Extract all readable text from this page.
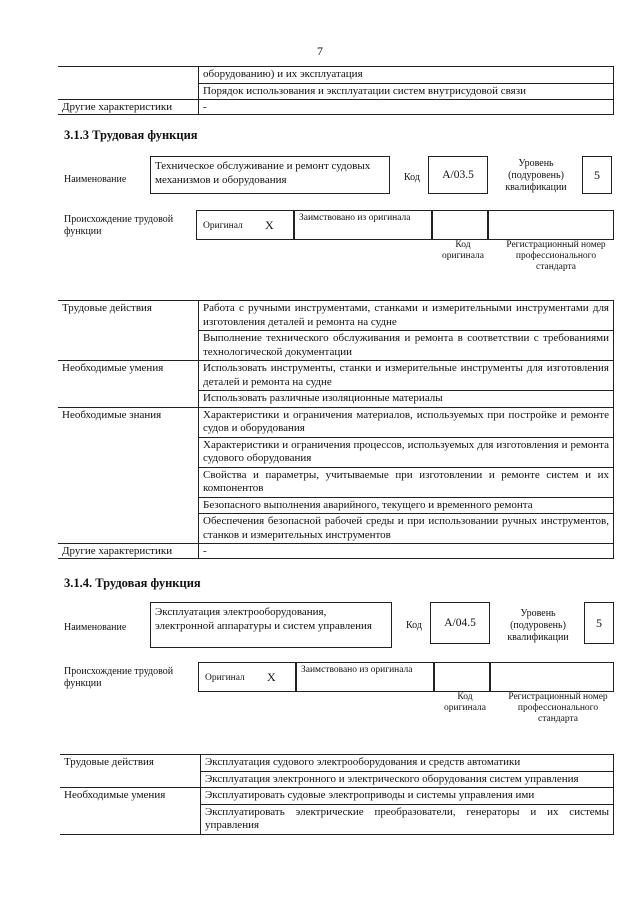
7

	оборудованию) и их эксплуатация
Порядок использования и эксплуатации систем внутрисудовой связи

Другие характеристики	-
3.1.3 Трудовая функция
Наименование
Техническое обслуживание и ремонт судовых механизмов и оборудования	Код	A/03.5
Уровень (подуровень) квалификации
5
Происхождение трудовой функции	Оригинал X	Заимствовано из оригинала
Код оригинала
Регистрационный номер профессионального стандарта
Трудовые действия	Работа с ручными инструментами, станками и измерительными инструментами для изготовления деталей и ремонта на судне
Выполнение технического обслуживания и ремонта в соответствии с требованиями технологической документации

Необходимые умения	Использовать инструменты, станки и измерительные инструменты для изготовления деталей и ремонта на судне
Использовать различные изоляционные материалы

Необходимые знания	Характеристики и ограничения материалов, используемых при постройке и ремонте судов и оборудования
Характеристики и ограничения процессов, используемых для изготовления и ремонта судового оборудования
Свойства и параметры, учитываемые при изготовлении и ремонте систем и их компонентов
Безопасного выполнения аварийного, текущего и временного ремонта
Обеспечения безопасной рабочей среды и при использовании ручных инструментов, станков и измерительных инструментов

Другие характеристики	-
3.1.4. Трудовая функция
Наименование
Эксплуатация электрооборудования, электронной аппаратуры и систем управления	Код	A/04.5
Уровень (подуровень) квалификации
5
Происхождение трудовой функции	Оригинал X	Заимствовано из оригинала
Код оригинала
Регистрационный номер профессионального стандарта
Трудовые действия	Эксплуатация судового электрооборудования и средств автоматики
Эксплуатация электронного и электрического оборудования систем управления

Необходимые умения	Эксплуатировать судовые электроприводы и системы управления ими
Эксплуатировать электрические преобразователи, генераторы и их системы управления
